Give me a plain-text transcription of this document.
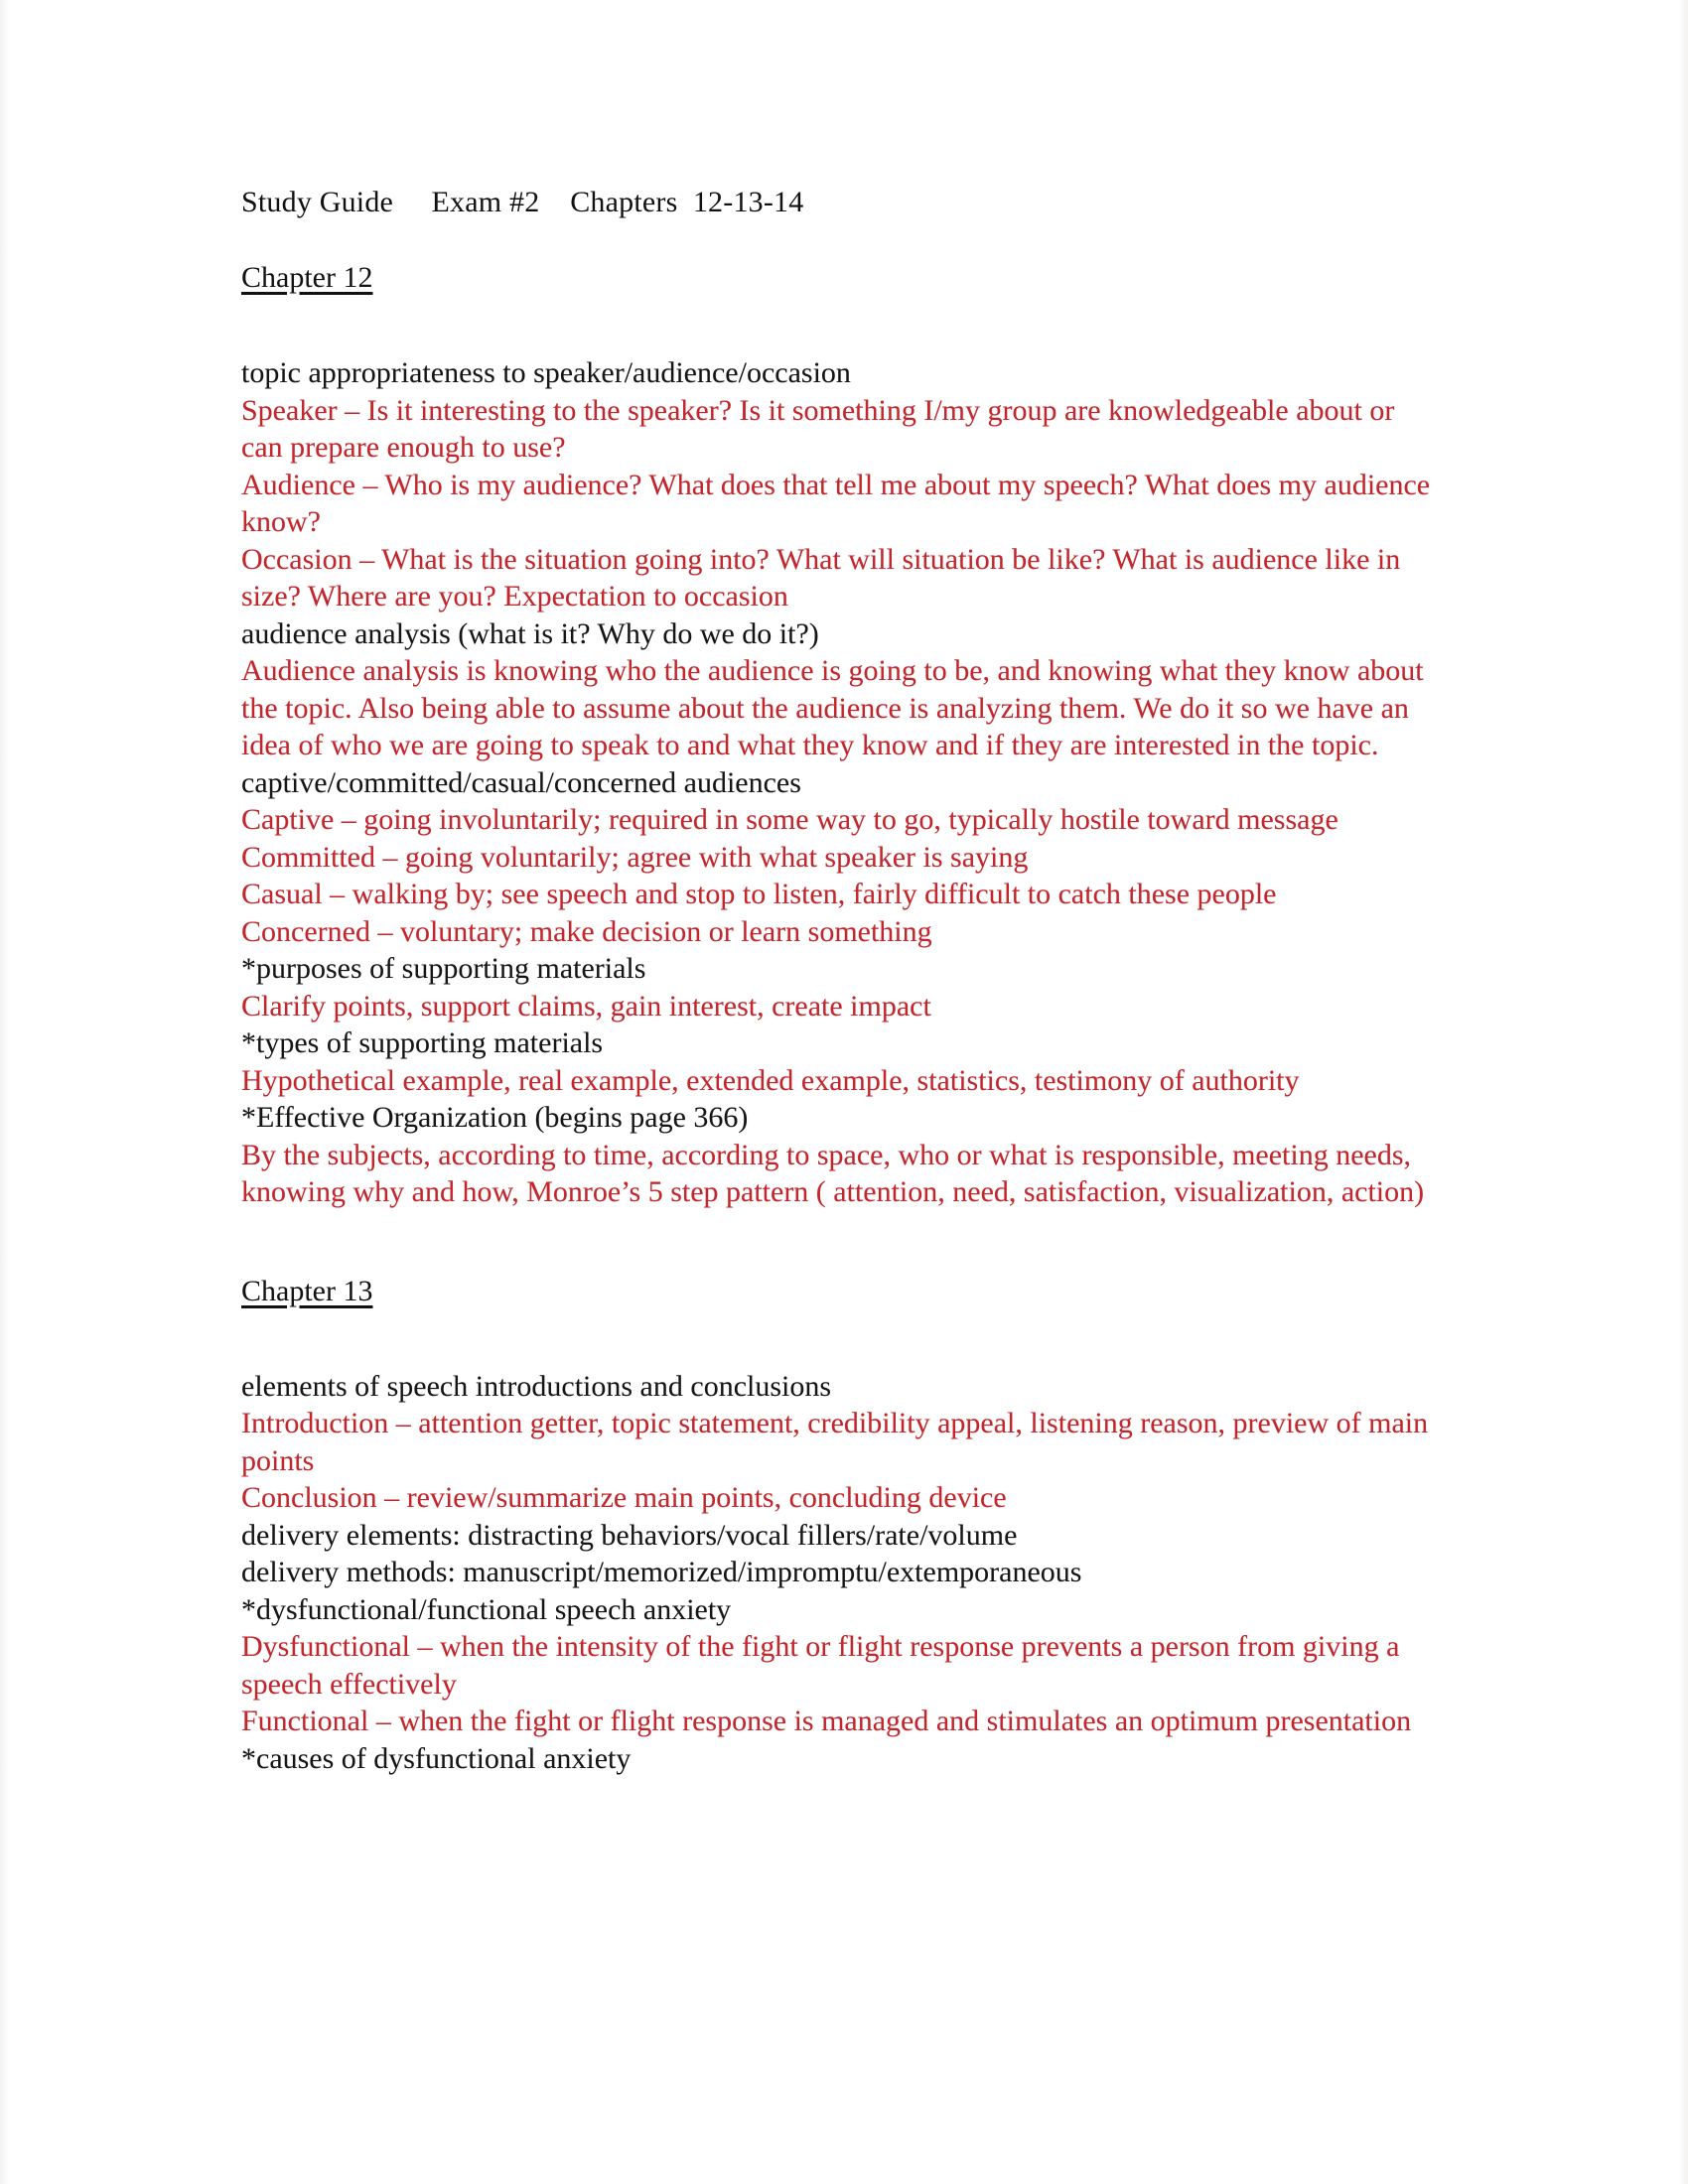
Study Guide     Exam #2    Chapters  12-13-14
Chapter 12

topic appropriateness to speaker/audience/occasion

Speaker – Is it interesting to the speaker? Is it something I/my group are knowledgeable about or can prepare enough to use?

Audience – Who is my audience? What does that tell me about my speech? What does my audience know?

Occasion – What is the situation going into? What will situation be like? What is audience like in size? Where are you? Expectation to occasion

audience analysis (what is it? Why do we do it?)

Audience analysis is knowing who the audience is going to be, and knowing what they know about the topic. Also being able to assume about the audience is analyzing them. We do it so we have an idea of who we are going to speak to and what they know and if they are interested in the topic.

captive/committed/casual/concerned audiences

Captive – going involuntarily; required in some way to go, typically hostile toward message

Committed – going voluntarily; agree with what speaker is saying

Casual – walking by; see speech and stop to listen, fairly difficult to catch these people

Concerned – voluntary; make decision or learn something

*purposes of supporting materials

Clarify points, support claims, gain interest, create impact

*types of supporting materials

Hypothetical example, real example, extended example, statistics, testimony of authority

*Effective Organization (begins page 366)

By the subjects, according to time, according to space, who or what is responsible, meeting needs, knowing why and how, Monroe’s 5 step pattern ( attention, need, satisfaction, visualization, action)

Chapter 13

elements of speech introductions and conclusions

Introduction – attention getter, topic statement, credibility appeal, listening reason, preview of main points

Conclusion – review/summarize main points, concluding device

delivery elements: distracting behaviors/vocal fillers/rate/volume

delivery methods: manuscript/memorized/impromptu/extemporaneous

*dysfunctional/functional speech anxiety

Dysfunctional – when the intensity of the fight or flight response prevents a person from giving a speech effectively

Functional – when the fight or flight response is managed and stimulates an optimum presentation

*causes of dysfunctional anxiety
